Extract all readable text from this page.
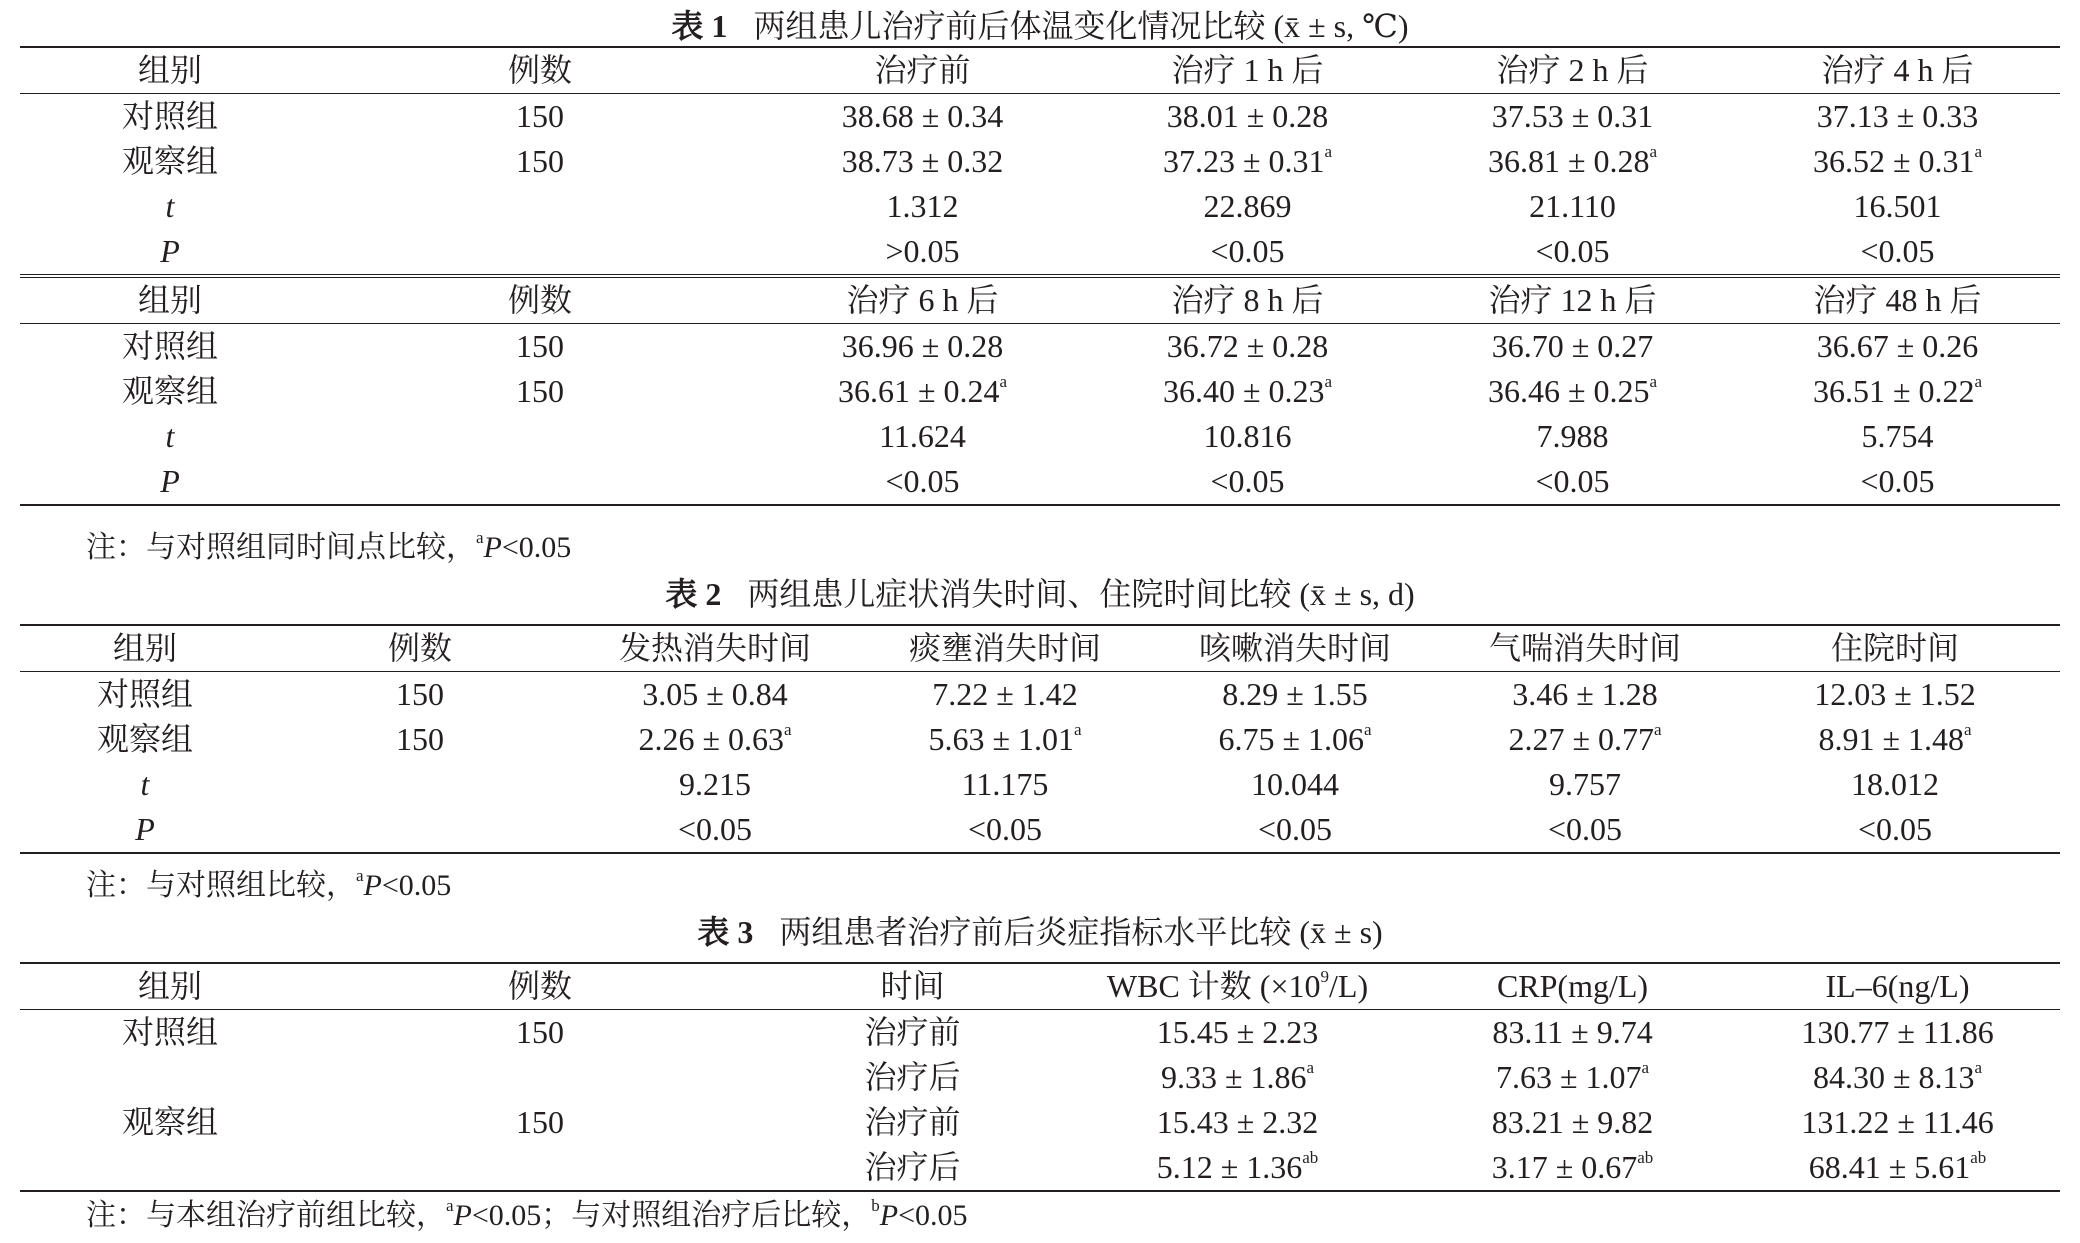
表 1 两组患儿治疗前后体温变化情况比较 (x̄ ± s, ℃)
组别	例数	治疗前	治疗 1 h 后	治疗 2 h 后	治疗 4 h 后
对照组	150	38.68 ± 0.34	38.01 ± 0.28	37.53 ± 0.31	37.13 ± 0.33
观察组	150	38.73 ± 0.32	37.23 ± 0.31$^a$	36.81 ± 0.28$^a$	36.52 ± 0.31$^a$
t		1.312	22.869	21.110	16.501
P		>0.05	<0.05	<0.05	<0.05
组别	例数	治疗 6 h 后	治疗 8 h 后	治疗 12 h 后	治疗 48 h 后
对照组	150	36.96 ± 0.28	36.72 ± 0.28	36.70 ± 0.27	36.67 ± 0.26
观察组	150	36.61 ± 0.24$^a$	36.40 ± 0.23$^a$	36.46 ± 0.25$^a$	36.51 ± 0.22$^a$
t		11.624	10.816	7.988	5.754
P		<0.05	<0.05	<0.05	<0.05
注：与对照组同时间点比较，$^a$P<0.05
表 2 两组患儿症状消失时间、住院时间比较 (x̄ ± s, d)
组别	例数	发热消失时间	痰壅消失时间	咳嗽消失时间	气喘消失时间	住院时间
对照组	150	3.05 ± 0.84	7.22 ± 1.42	8.29 ± 1.55	3.46 ± 1.28	12.03 ± 1.52
观察组	150	2.26 ± 0.63$^a$	5.63 ± 1.01$^a$	6.75 ± 1.06$^a$	2.27 ± 0.77$^a$	8.91 ± 1.48$^a$
t		9.215	11.175	10.044	9.757	18.012
P		<0.05	<0.05	<0.05	<0.05	<0.05
注：与对照组比较，$^a$P<0.05
表 3 两组患者治疗前后炎症指标水平比较 (x̄ ± s)
组别	例数	时间	WBC 计数 $(\times 10^9/L)$	CRP(mg/L)	IL–6(ng/L)
对照组	150	治疗前	15.45 ± 2.23	83.11 ± 9.74	130.77 ± 11.86
		治疗后	9.33 ± 1.86$^a$	7.63 ± 1.07$^a$	84.30 ± 8.13$^a$
观察组	150	治疗前	15.43 ± 2.32	83.21 ± 9.82	131.22 ± 11.46
		治疗后	5.12 ± 1.36$^{ab}$	3.17 ± 0.67$^{ab}$	68.41 ± 5.61$^{ab}$
注：与本组治疗前组比较，$^a$P<0.05；与对照组治疗后比较，$^b$P<0.05
